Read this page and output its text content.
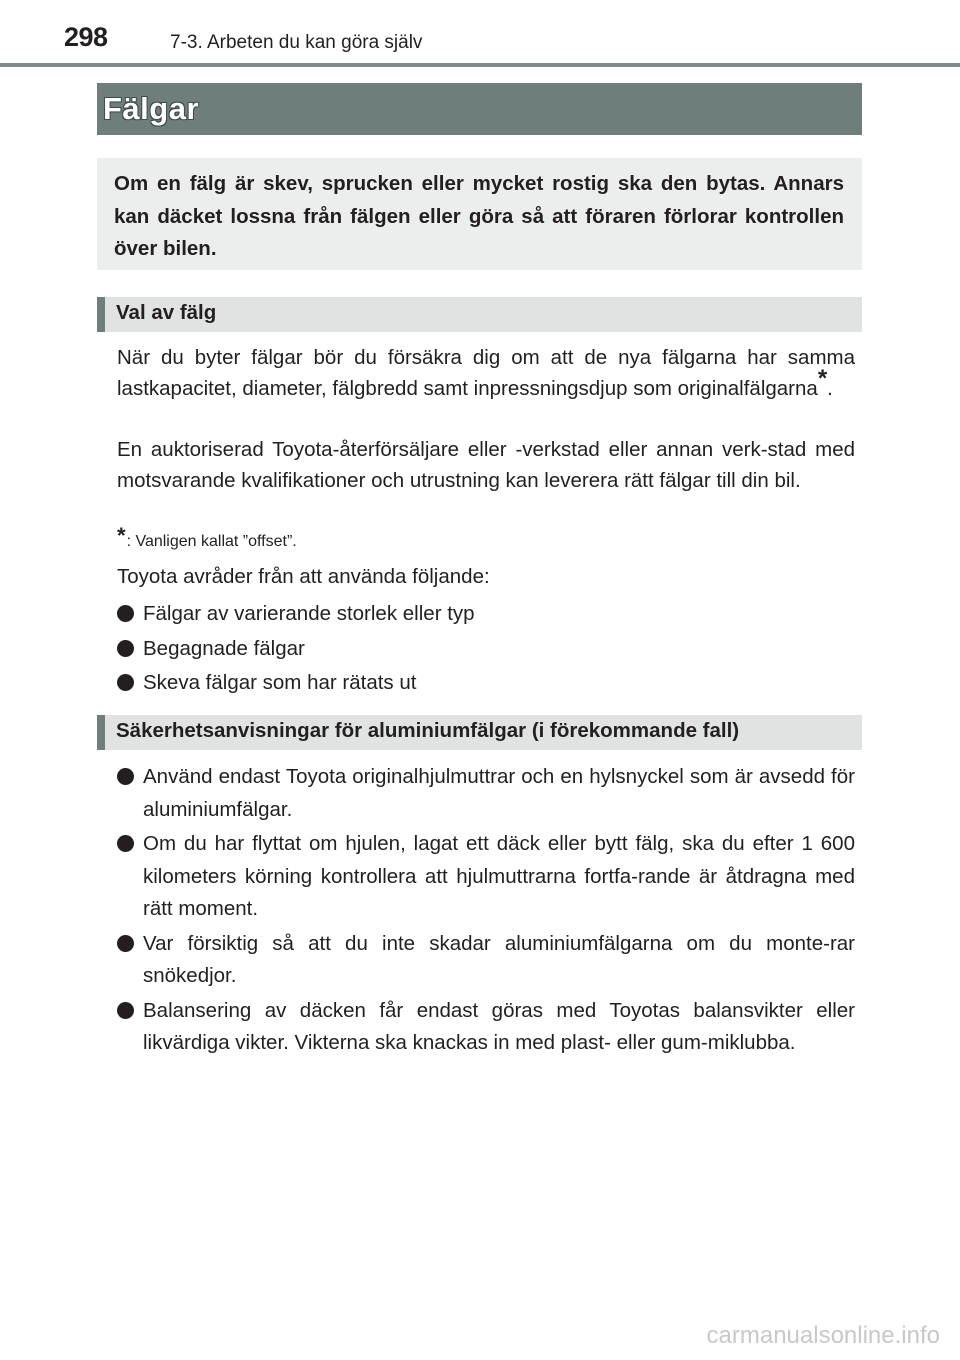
298	7-3. Arbeten du kan göra själv
Fälgar

Om en fälg är skev, sprucken eller mycket rostig ska den bytas. Annars kan däcket lossna från fälgen eller göra så att föraren förlorar kontrollen över bilen.

Val av fälg

När du byter fälgar bör du försäkra dig om att de nya fälgarna har samma lastkapacitet, diameter, fälgbredd samt inpressningsdjup som originalfälgarna*.

En auktoriserad Toyota-återförsäljare eller -verkstad eller annan verk-stad med motsvarande kvalifikationer och utrustning kan leverera rätt fälgar till din bil.

*: Vanligen kallat ”offset”.

Toyota avråder från att använda följande:

Fälgar av varierande storlek eller typ
Begagnade fälgar
Skeva fälgar som har rätats ut
Säkerhetsanvisningar för aluminiumfälgar (i förekommande fall)
Använd endast Toyota originalhjulmuttrar och en hylsnyckel som är avsedd för aluminiumfälgar.
Om du har flyttat om hjulen, lagat ett däck eller bytt fälg, ska du efter 1 600 kilometers körning kontrollera att hjulmuttrarna fortfa-rande är åtdragna med rätt moment.
Var försiktig så att du inte skadar aluminiumfälgarna om du monte-rar snökedjor.
Balansering av däcken får endast göras med Toyotas balansvikter eller likvärdiga vikter. Vikterna ska knackas in med plast- eller gum-miklubba.
carmanualsonline.info
